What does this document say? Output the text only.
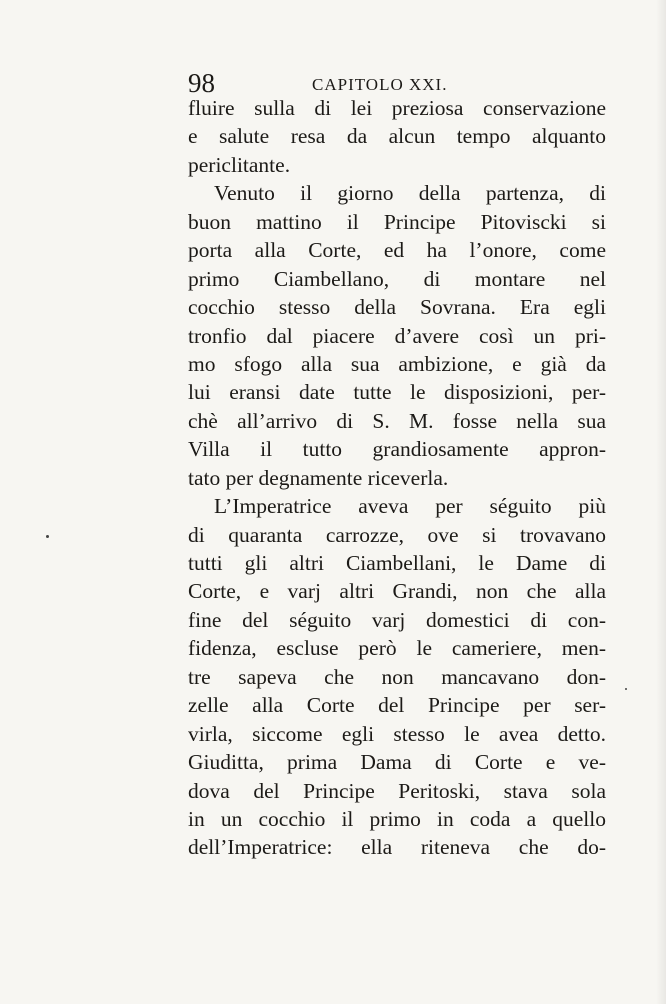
98	CAPITOLO XXI.
fluire sulla di lei preziosa conservazione
e salute resa da alcun tempo alquanto
periclitante.
Venuto il giorno della partenza, di
buon mattino il Principe Pitoviscki si
porta alla Corte, ed ha l’onore, come
primo Ciambellano, di montare nel
cocchio stesso della Sovrana. Era egli
tronfio dal piacere d’avere così un pri-
mo sfogo alla sua ambizione, e già da
lui eransi date tutte le disposizioni, per-
chè all’arrivo di S. M. fosse nella sua
Villa il tutto grandiosamente appron-
tato per degnamente riceverla.
L’Imperatrice aveva per séguito più
di quaranta carrozze, ove si trovavano
tutti gli altri Ciambellani, le Dame di
Corte, e varj altri Grandi, non che alla
fine del séguito varj domestici di con-
fidenza, escluse però le cameriere, men-
tre sapeva che non mancavano don-
zelle alla Corte del Principe per ser-
virla, siccome egli stesso le avea detto.
Giuditta, prima Dama di Corte e ve-
dova del Principe Peritoski, stava sola
in un cocchio il primo in coda a quello
dell’Imperatrice: ella riteneva che do-
